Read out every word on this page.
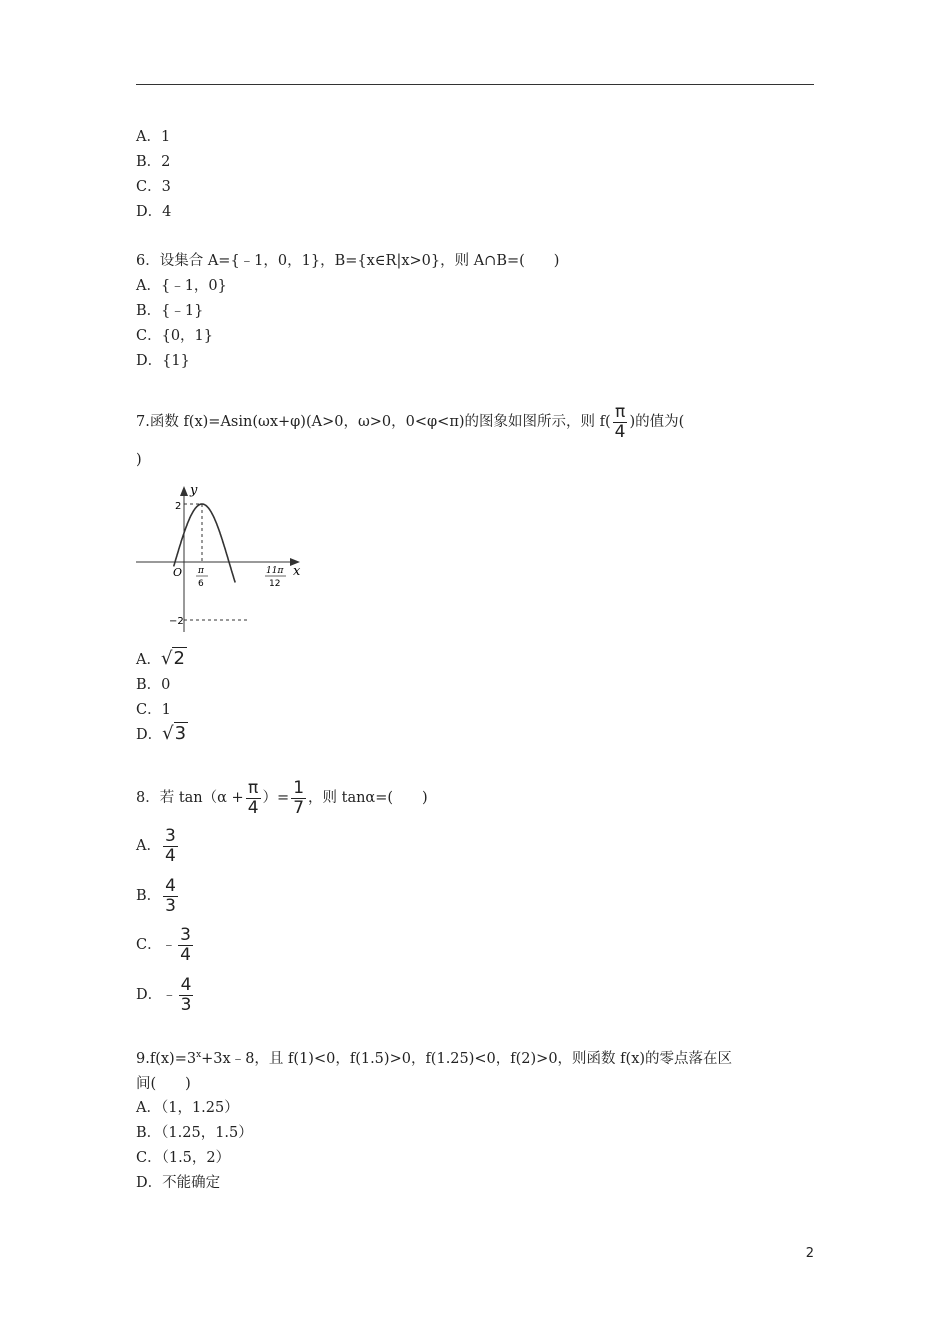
A．1
B．2
C．3
D．4
6．设集合 A={﹣1，0，1}，B={x∈R|x>0}，则 A∩B=(　　)
A．{﹣1，0}
B．{﹣1}
C．{0，1}
D．{1}
7.函数 f(x)=Asin(ωx+φ)(A>0，ω>0，0<φ<π)的图象如图所示，则 $f( \frac{\pi}{4}$ )的值为(
)
y
x
O
2
−2
π
6
11π
12
A．√2
B．0
C．1
D．√3
8．若 $\tan(\alpha + \frac{\pi}{4}$ ）= $\frac{1}{7}$ ，则 tanα=(　　)
A． $\frac{3}{4}$
B． $\frac{4}{3}$
C．﹣ $\frac{3}{4}$
D．﹣ $\frac{4}{3}$
$9.f(x)=3^x+3x﹣8$，且 f(1)<0，f(1.5)>0，f(1.25)<0，f(2)>0，则函数 f(x)的零点落在区
间(　　)
A．（1，1.25）
B．（1.25，1.5）
C．（1.5，2）
D．不能确定
2
